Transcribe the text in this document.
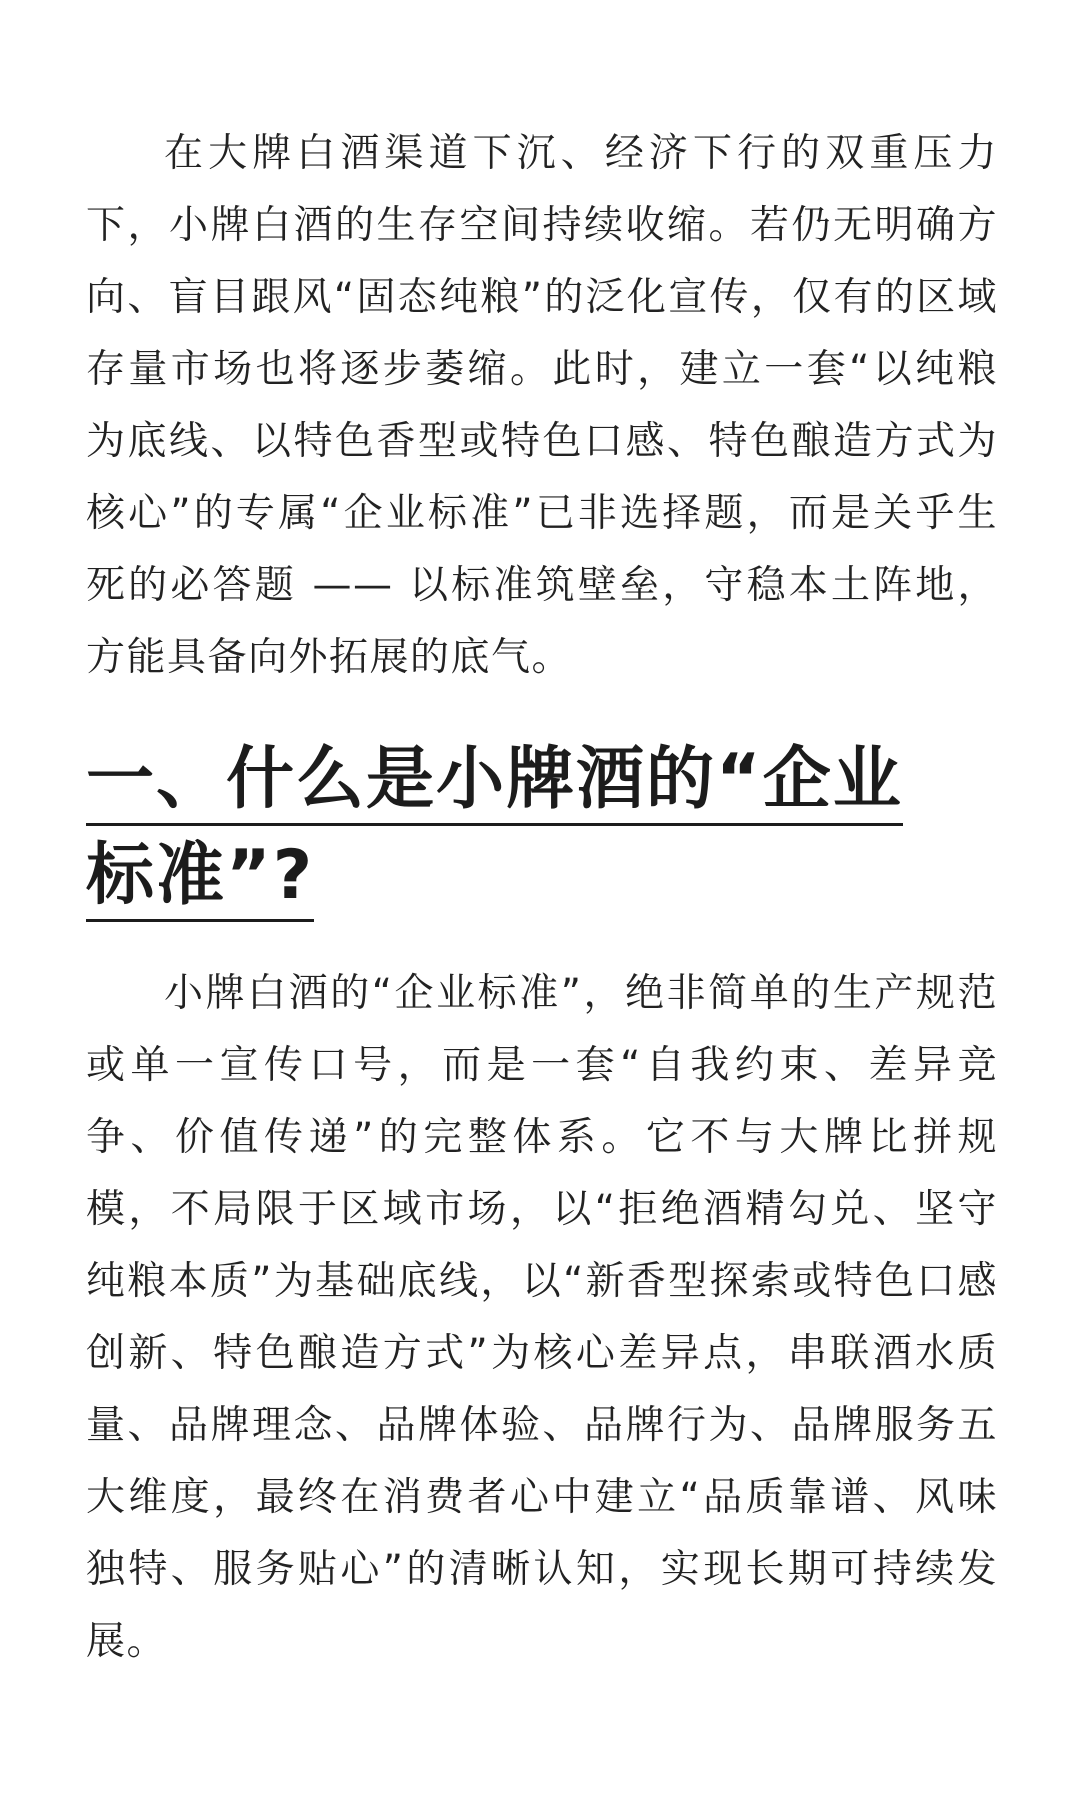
在大牌白酒渠道下沉、经济下行的双重压力下，小牌白酒的生存空间持续收缩。若仍无明确方向、盲目跟风“固态纯粮”的泛化宣传，仅有的区域存量市场也将逐步萎缩。此时，建立一套“以纯粮为底线、以特色香型或特色口感、特色酿造方式为核心”的专属“企业标准”已非选择题，而是关乎生死的必答题 —— 以标准筑壁垒，守稳本土阵地，方能具备向外拓展的底气。

一、什么是小牌酒的“企业标准”?

小牌白酒的“企业标准”，绝非简单的生产规范或单一宣传口号，而是一套“自我约束、差异竞争、价值传递”的完整体系。它不与大牌比拼规模，不局限于区域市场，以“拒绝酒精勾兑、坚守纯粮本质”为基础底线，以“新香型探索或特色口感创新、特色酿造方式”为核心差异点，串联酒水质量、品牌理念、品牌体验、品牌行为、品牌服务五大维度，最终在消费者心中建立“品质靠谱、风味独特、服务贴心”的清晰认知，实现长期可持续发展。
